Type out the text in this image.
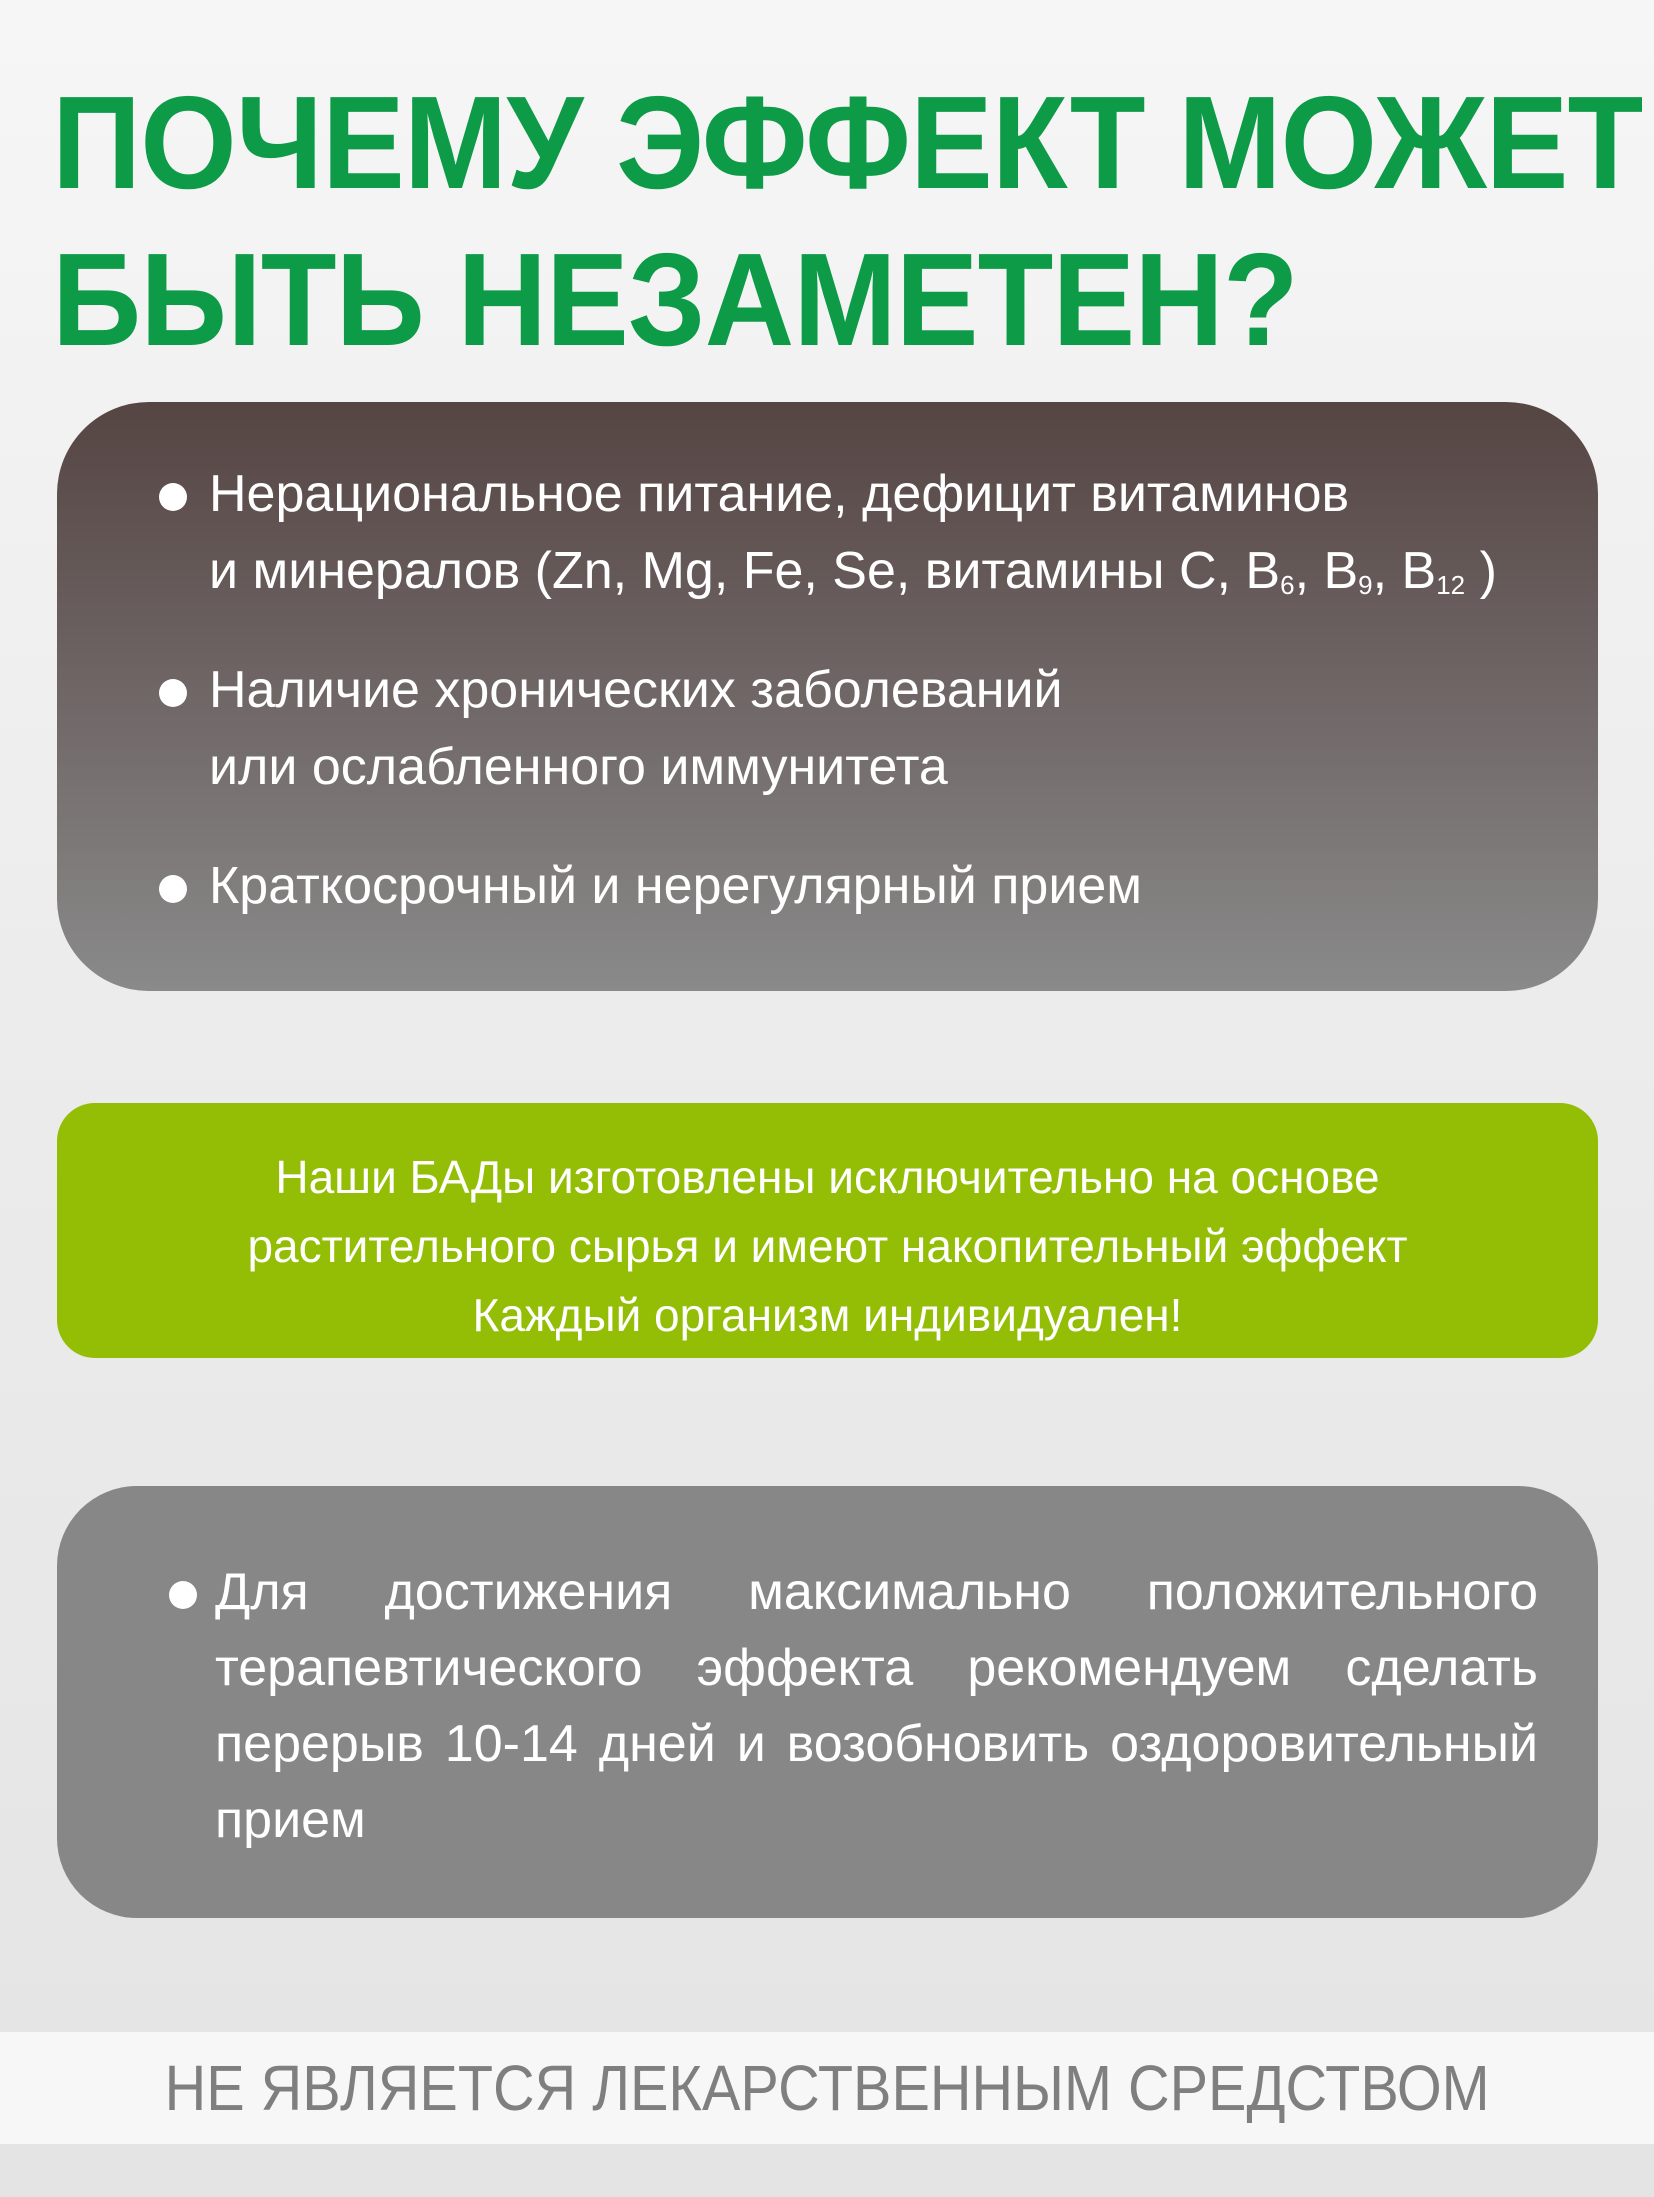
ПОЧЕМУ ЭФФЕКТ МОЖЕТ
БЫТЬ НЕЗАМЕТЕН?
Нерациональное питание, дефицит витаминов
и минералов (Zn, Mg, Fe, Se, витамины C, $B_6$, $B_9$, $B_{12}$ )
Наличие хронических заболеваний
или ослабленного иммунитета
Краткосрочный и нерегулярный прием
Наши БАДы изготовлены исключительно на основе
растительного сырья и имеют накопительный эффект
Каждый организм индивидуален!
Для достижения максимально положительного терапевтического эффекта рекомендуем сделать перерыв 10-14 дней и возобновить оздоровительный прием
НЕ ЯВЛЯЕТСЯ ЛЕКАРСТВЕННЫМ СРЕДСТВОМ
